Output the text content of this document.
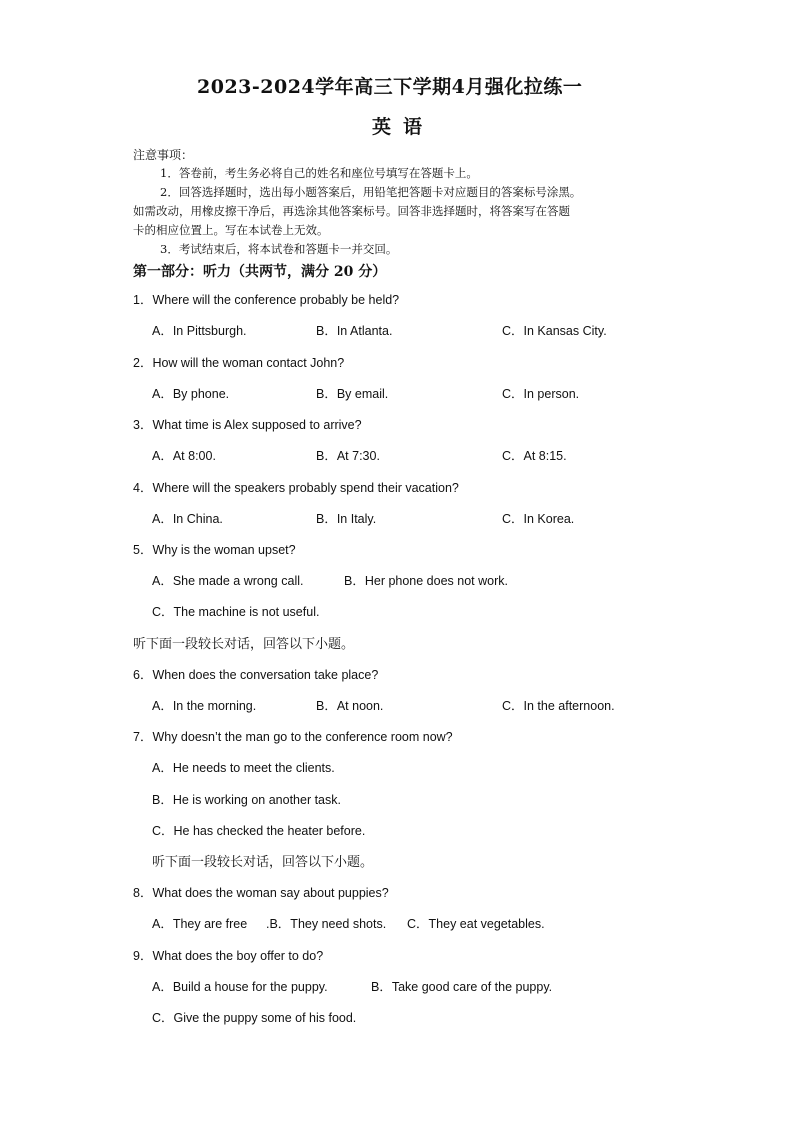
2023-2024学年高三下学期4月强化拉练一
英语
注意事项：
1．答卷前，考生务必将自己的姓名和座位号填写在答题卡上。
2．回答选择题时，选出每小题答案后，用铅笔把答题卡对应题目的答案标号涂黑。
如需改动，用橡皮擦干净后，再选涂其他答案标号。回答非选择题时，将答案写在答题
卡的相应位置上。写在本试卷上无效。
3．考试结束后，将本试卷和答题卡一并交回。
第一部分：听力（共两节，满分 20 分）
1．Where will the conference probably be held?
A．In Pittsburgh.	B．In Atlanta.	C．In Kansas City.
2．How will the woman contact John?
A．By phone.	B．By email.	C．In person.
3．What time is Alex supposed to arrive?
A．At 8:00.	B．At 7:30.	C．At 8:15.
4．Where will the speakers probably spend their vacation?
A．In China.	B．In Italy.	C．In Korea.
5．Why is the woman upset?
A．She made a wrong call.	B．Her phone does not work.
C．The machine is not useful.
听下面一段较长对话，回答以下小题。
6．When does the conversation take place?
A．In the morning.	B．At noon.	C．In the afternoon.
7．Why doesn’t the man go to the conference room now?
A．He needs to meet the clients.
B．He is working on another task.
C．He has checked the heater before.
听下面一段较长对话，回答以下小题。
8．What does the woman say about puppies?
A．They are free .B．They need shots. C．They eat vegetables.
9．What does the boy offer to do?
A．Build a house for the puppy.	B．Take good care of the puppy.
C．Give the puppy some of his food.
